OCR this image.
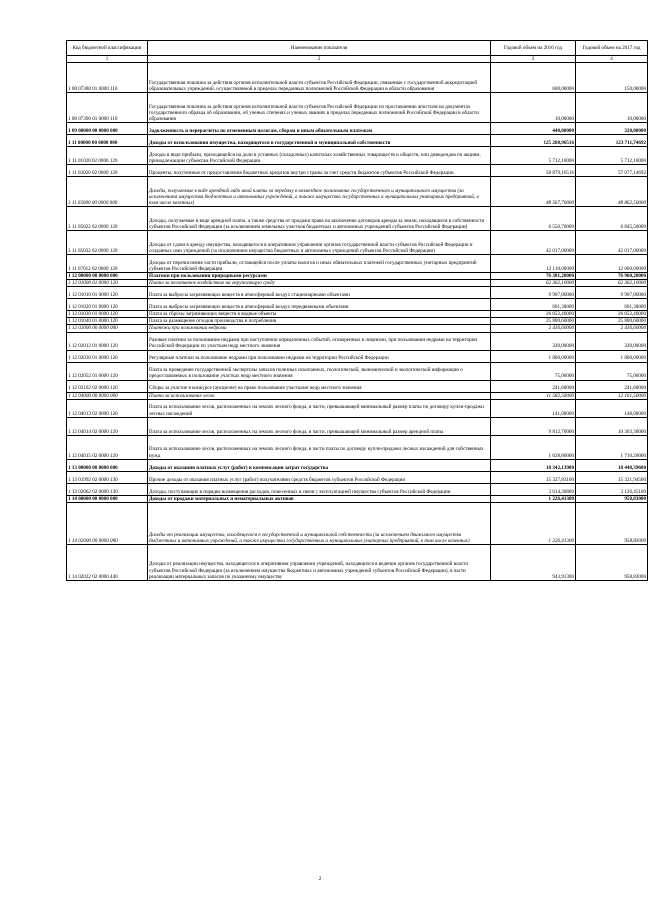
Код бюджетной классификации	Наименование показателя	Годовой объем на 2016 год	Годовой объем на 2017 год
1	2	3	4
1 08 07380 01 0000 110	Государственная пошлина за действия органов исполнительной власти субъектов Российской Федерации, связанные с государственной аккредитацией образовательных учреждений, осуществляемой в пределах переданных полномочий Российской Федерации в области образования	600,00000	150,00000
1 08 07390 01 0000 110	Государственная пошлина за действия органов исполнительной власти субъектов Российской Федерации по проставлению апостиля на документах государственного образца об образовании, об ученых степенях и ученых званиях в пределах переданных полномочий Российской Федерации в области образования	10,00000	10,00000
1 09 00000 00 0000 000	Задолженность и перерасчеты по отмененным налогам, сборам и иным обязательным платежам	440,00000	320,00000
1 11 00000 00 0000 000	Доходы от использования имущества, находящегося в государственной и муниципальной собственности	125 268,96516	123 711,74692
1 11 01020 02 0000 120	Доходы в виде прибыли, приходящейся на доли в уставных (складочных) капиталах хозяйственных товариществ и обществ, или дивидендов по акциям, принадлежащим субъектам Российской Федерации	5 712,10000	5 712,10000
1 11 03020 02 0000 120	Проценты, полученные от предоставления бюджетных кредитов внутри страны за счет средств бюджетов субъектов Российской Федерации	58 879,16516	57 077,14692
1 11 05000 00 0000 000	Доходы, получаемые в виде арендной либо иной платы за передачу в возмездное пользование государственного и муниципального имущества (за исключением имущества бюджетных и автономных учреждений, а также имущества государственных и муниципальных унитарных предприятий, в том числе казенных)	48 567,70000	48 862,50000
1 11 05022 02 0000 120	Доходы, получаемые в виде арендной платы, а также средства от продажи права на заключение договоров аренды за земли, находящиеся в собственности субъектов Российской Федерации (за исключением земельных участков бюджетных и автономных учреждений субъектов Российской Федерации)	6 550,70000	6 845,50000
1 11 05032 02 0000 120	Доходы от сдачи в аренду имущества, находящегося в оперативном управлении органов государственной власти субъектов Российской Федерации и созданных ими учреждений (за исключением имущества бюджетных и автономных учреждений субъектов Российской Федерации)	42 017,00000	42 017,00000
1 11 07012 02 0000 120	Доходы от перечисления части прибыли, остающейся после уплаты налогов и иных обязательных платежей государственных унитарных предприятий субъектов Российской Федерации	12 110,00000	12 060,00000
1 12 00000 00 0000 000	Платежи при пользовании природными ресурсами	76 381,20000	76 960,20000
1 12 01000 01 0000 120	Плата за негативное воздействие на окружающую среду	62 362,10000	62 362,10000
1 12 01010 01 0000 120	Плата за выбросы загрязняющих веществ в атмосферный воздух стационарными объектами	9 907,80000	9 907,80000
1 12 01020 01 0000 120	Плата за выбросы загрязняющих веществ в атмосферный воздух передвижными объектами	601,30000	601,30000
1 12 01030 01 0000 120	Плата за сбросы загрязняющих веществ в водные объекты	26 052,40000	26 052,40000
1 12 01040 01 0000 120	Плата за размещение отходов производства и потребления	25 800,60000	25 800,60000
1 12 02000 00 0000 000	Платежи при пользовании недрами	2 436,60000	2 436,60000
1 12 02012 01 0000 120	Разовые платежи за пользование недрами при наступлении определенных событий, оговоренных в лицензии, при пользовании недрами на территории Российской Федерации по участкам недр местного значения	320,00000	320,00000
1 12 02030 01 0000 120	Регулярные платежи за пользование недрами при пользовании недрами на территории Российской Федерации	1 800,00000	1 800,00000
1 12 02052 01 0000 120	Плата за проведение государственной экспертизы запасов полезных ископаемых, геологической, экономической и экологической информации о предоставляемых в пользование участках недр местного значения	75,00000	75,00000
1 12 02102 02 0000 120	Сборы за участие в конкурсе (аукционе) на право пользования участками недр местного значения	241,60000	241,60000
1 12 04000 00 0000 000	Плата за использование лесов	11 582,50000	12 161,50000
1 12 04013 02 0000 120	Плата за использование лесов, расположенных на землях лесного фонда, в части, превышающей минимальный размер платы по договору купли-продажи лесных насаждений	141,00000	148,00000
1 12 04014 02 0000 120	Плата за использование лесов, расположенных на землях лесного фонда, в части, превышающей минимальный размер арендной платы	9 812,70000	10 303,30000
1 12 04015 02 0000 120	Плата за использование лесов, расположенных на землях лесного фонда, в части платы по договору купли-продажи лесных насаждений для собственных нужд	1 628,80000	1 710,20000
1 13 00000 00 0000 000	Доходы от оказания платных услуг (работ) и компенсации затрат государства	18 342,13900	18 448,39600
1 13 01992 02 0000 130	Прочие доходы от оказания платных услуг (работ) получателями средств бюджетов субъектов Российской Федерации	15 327,83100	15 321,94500
1 13 02062 02 0000 130	Доходы, поступающие в порядке возмещения расходов, понесенных в связи с эксплуатацией имущества субъектов Российской Федерации	3 014,30800	3 126,45100
1 14 00000 00 0000 000	Доходы от продажи материальных и нематериальных активов	1 226,41300	958,83000
1 14 02000 00 0000 000	Доходы от реализации имущества, находящегося в государственной и муниципальной собственности (за исключением движимого имущества бюджетных и автономных учреждений, а также имущества государственных и муниципальных унитарных предприятий, в том числе казенных)	1 226,41300	958,83000
1 14 02022 02 0000 440	Доходы от реализации имущества, находящегося в оперативном управлении учреждений, находящихся в ведении органов государственной власти субъектов Российской Федерации (за исключением имущества бюджетных и автономных учреждений субъектов Российской Федерации), в части реализации материальных запасов по указанному имуществу	943,91300	958,83000
2
